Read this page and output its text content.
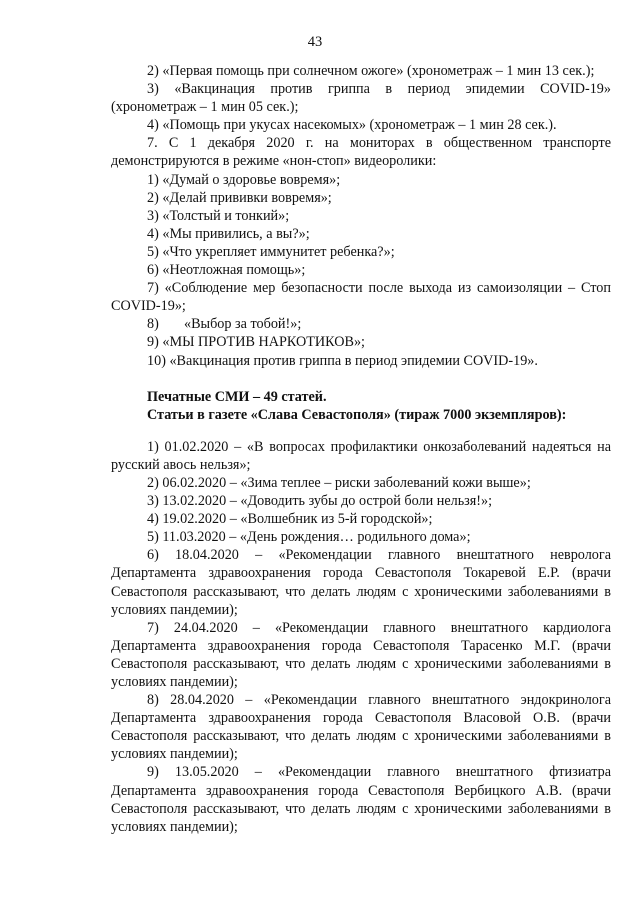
43

2) «Первая помощь при солнечном ожоге» (хронометраж – 1 мин 13 сек.);

3) «Вакцинация против гриппа в период эпидемии COVID-19» (хронометраж – 1 мин 05 сек.);

4) «Помощь при укусах насекомых» (хронометраж – 1 мин 28 сек.).

7. С 1 декабря 2020 г. на мониторах в общественном транспорте демонстрируются в режиме «нон-стоп» видеоролики:

1) «Думай о здоровье вовремя»;

2) «Делай прививки вовремя»;

3) «Толстый и тонкий»;

4) «Мы привились, а вы?»;

5) «Что укрепляет иммунитет ребенка?»;

6) «Неотложная помощь»;

7) «Соблюдение мер безопасности после выхода из самоизоляции – Стоп COVID-19»;

8) «Выбор за тобой!»;

9) «МЫ ПРОТИВ НАРКОТИКОВ»;

10) «Вакцинация против гриппа в период эпидемии COVID-19».

Печатные СМИ – 49 статей.

Статьи в газете «Слава Севастополя» (тираж 7000 экземпляров):

1) 01.02.2020 – «В вопросах профилактики онкозаболеваний надеяться на русский авось нельзя»;

2) 06.02.2020 – «Зима теплее – риски заболеваний кожи выше»;

3) 13.02.2020 – «Доводить зубы до острой боли нельзя!»;

4) 19.02.2020 – «Волшебник из 5-й городской»;

5) 11.03.2020 – «День рождения… родильного дома»;

6) 18.04.2020 – «Рекомендации главного внештатного невролога Департамента здравоохранения города Севастополя Токаревой Е.Р. (врачи Севастополя рассказывают, что делать людям с хроническими заболеваниями в условиях пандемии);

7) 24.04.2020 – «Рекомендации главного внештатного кардиолога Департамента здравоохранения города Севастополя Тарасенко М.Г. (врачи Севастополя рассказывают, что делать людям с хроническими заболеваниями в условиях пандемии);

8) 28.04.2020 – «Рекомендации главного внештатного эндокринолога Департамента здравоохранения города Севастополя Власовой О.В. (врачи Севастополя рассказывают, что делать людям с хроническими заболеваниями в условиях пандемии);

9) 13.05.2020 – «Рекомендации главного внештатного фтизиатра Департамента здравоохранения города Севастополя Вербицкого А.В. (врачи Севастополя рассказывают, что делать людям с хроническими заболеваниями в условиях пандемии);
